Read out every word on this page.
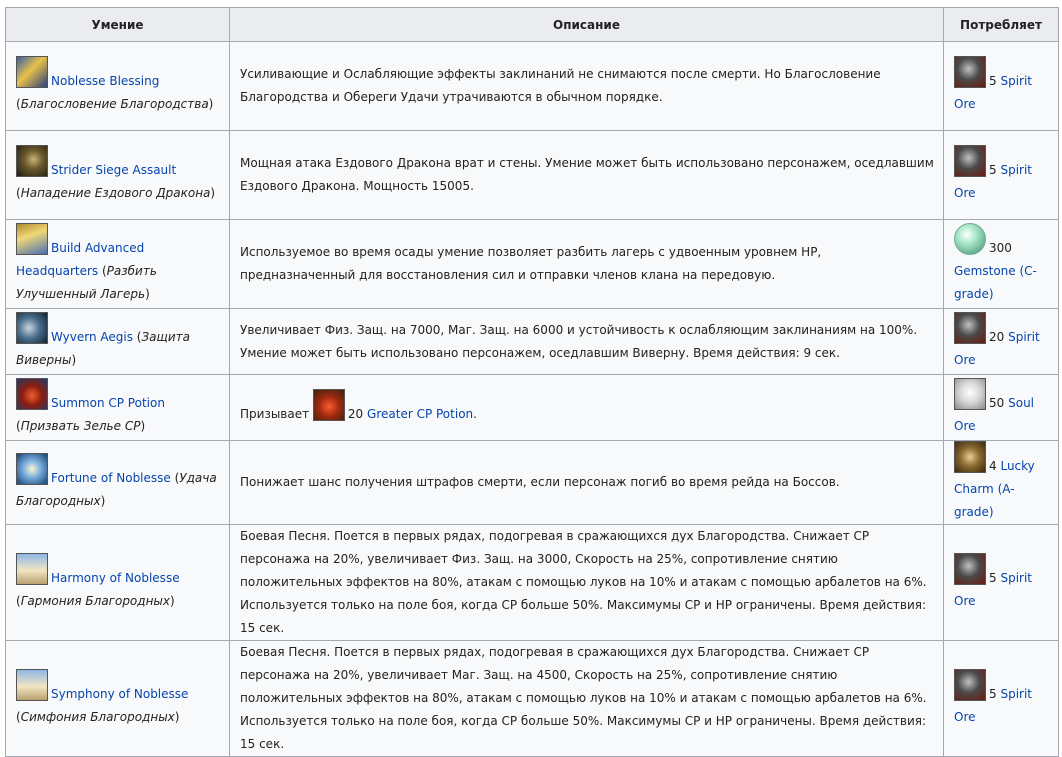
Умение	Описание	Потребляет
Noblesse Blessing (Благословение Благородства)	Усиливающие и Ослабляющие эффекты заклинаний не снимаются после смерти. Но Благословение Благородства и Обереги Удачи утрачиваются в обычном порядке.	5 Spirit Ore
Strider Siege Assault (Нападение Ездового Дракона)	Мощная атака Ездового Дракона врат и стены. Умение может быть использовано персонажем, оседлавшим Ездового Дракона. Мощность 15005.	5 Spirit Ore
Build Advanced Headquarters (Разбить Улучшенный Лагерь)	Используемое во время осады умение позволяет разбить лагерь с удвоенным уровнем HP, предназначенный для восстановления сил и отправки членов клана на передовую.	300 Gemstone (C-grade)
Wyvern Aegis (Защита Виверны)	Увеличивает Физ. Защ. на 7000, Маг. Защ. на 6000 и устойчивость к ослабляющим заклинаниям на 100%. Умение может быть использовано персонажем, оседлавшим Виверну. Время действия: 9 сек.	20 Spirit Ore
Summon CP Potion (Призвать Зелье CP)	Призывает 20 Greater CP Potion.	50 Soul Ore
Fortune of Noblesse (Удача Благородных)	Понижает шанс получения штрафов смерти, если персонаж погиб во время рейда на Боссов.	4 Lucky Charm (A-grade)
Harmony of Noblesse (Гармония Благородных)	Боевая Песня. Поется в первых рядах, подогревая в сражающихся дух Благородства. Снижает CP персонажа на 20%, увеличивает Физ. Защ. на 3000, Скорость на 25%, сопротивление снятию положительных эффектов на 80%, атакам с помощью луков на 10% и атакам с помощью арбалетов на 6%. Используется только на поле боя, когда CP больше 50%. Максимумы CP и HP ограничены. Время действия: 15 сек.	5 Spirit Ore
Symphony of Noblesse (Симфония Благородных)	Боевая Песня. Поется в первых рядах, подогревая в сражающихся дух Благородства. Снижает CP персонажа на 20%, увеличивает Маг. Защ. на 4500, Скорость на 25%, сопротивление снятию положительных эффектов на 80%, атакам с помощью луков на 10% и атакам с помощью арбалетов на 6%. Используется только на поле боя, когда CP больше 50%. Максимумы CP и HP ограничены. Время действия: 15 сек.	5 Spirit Ore
